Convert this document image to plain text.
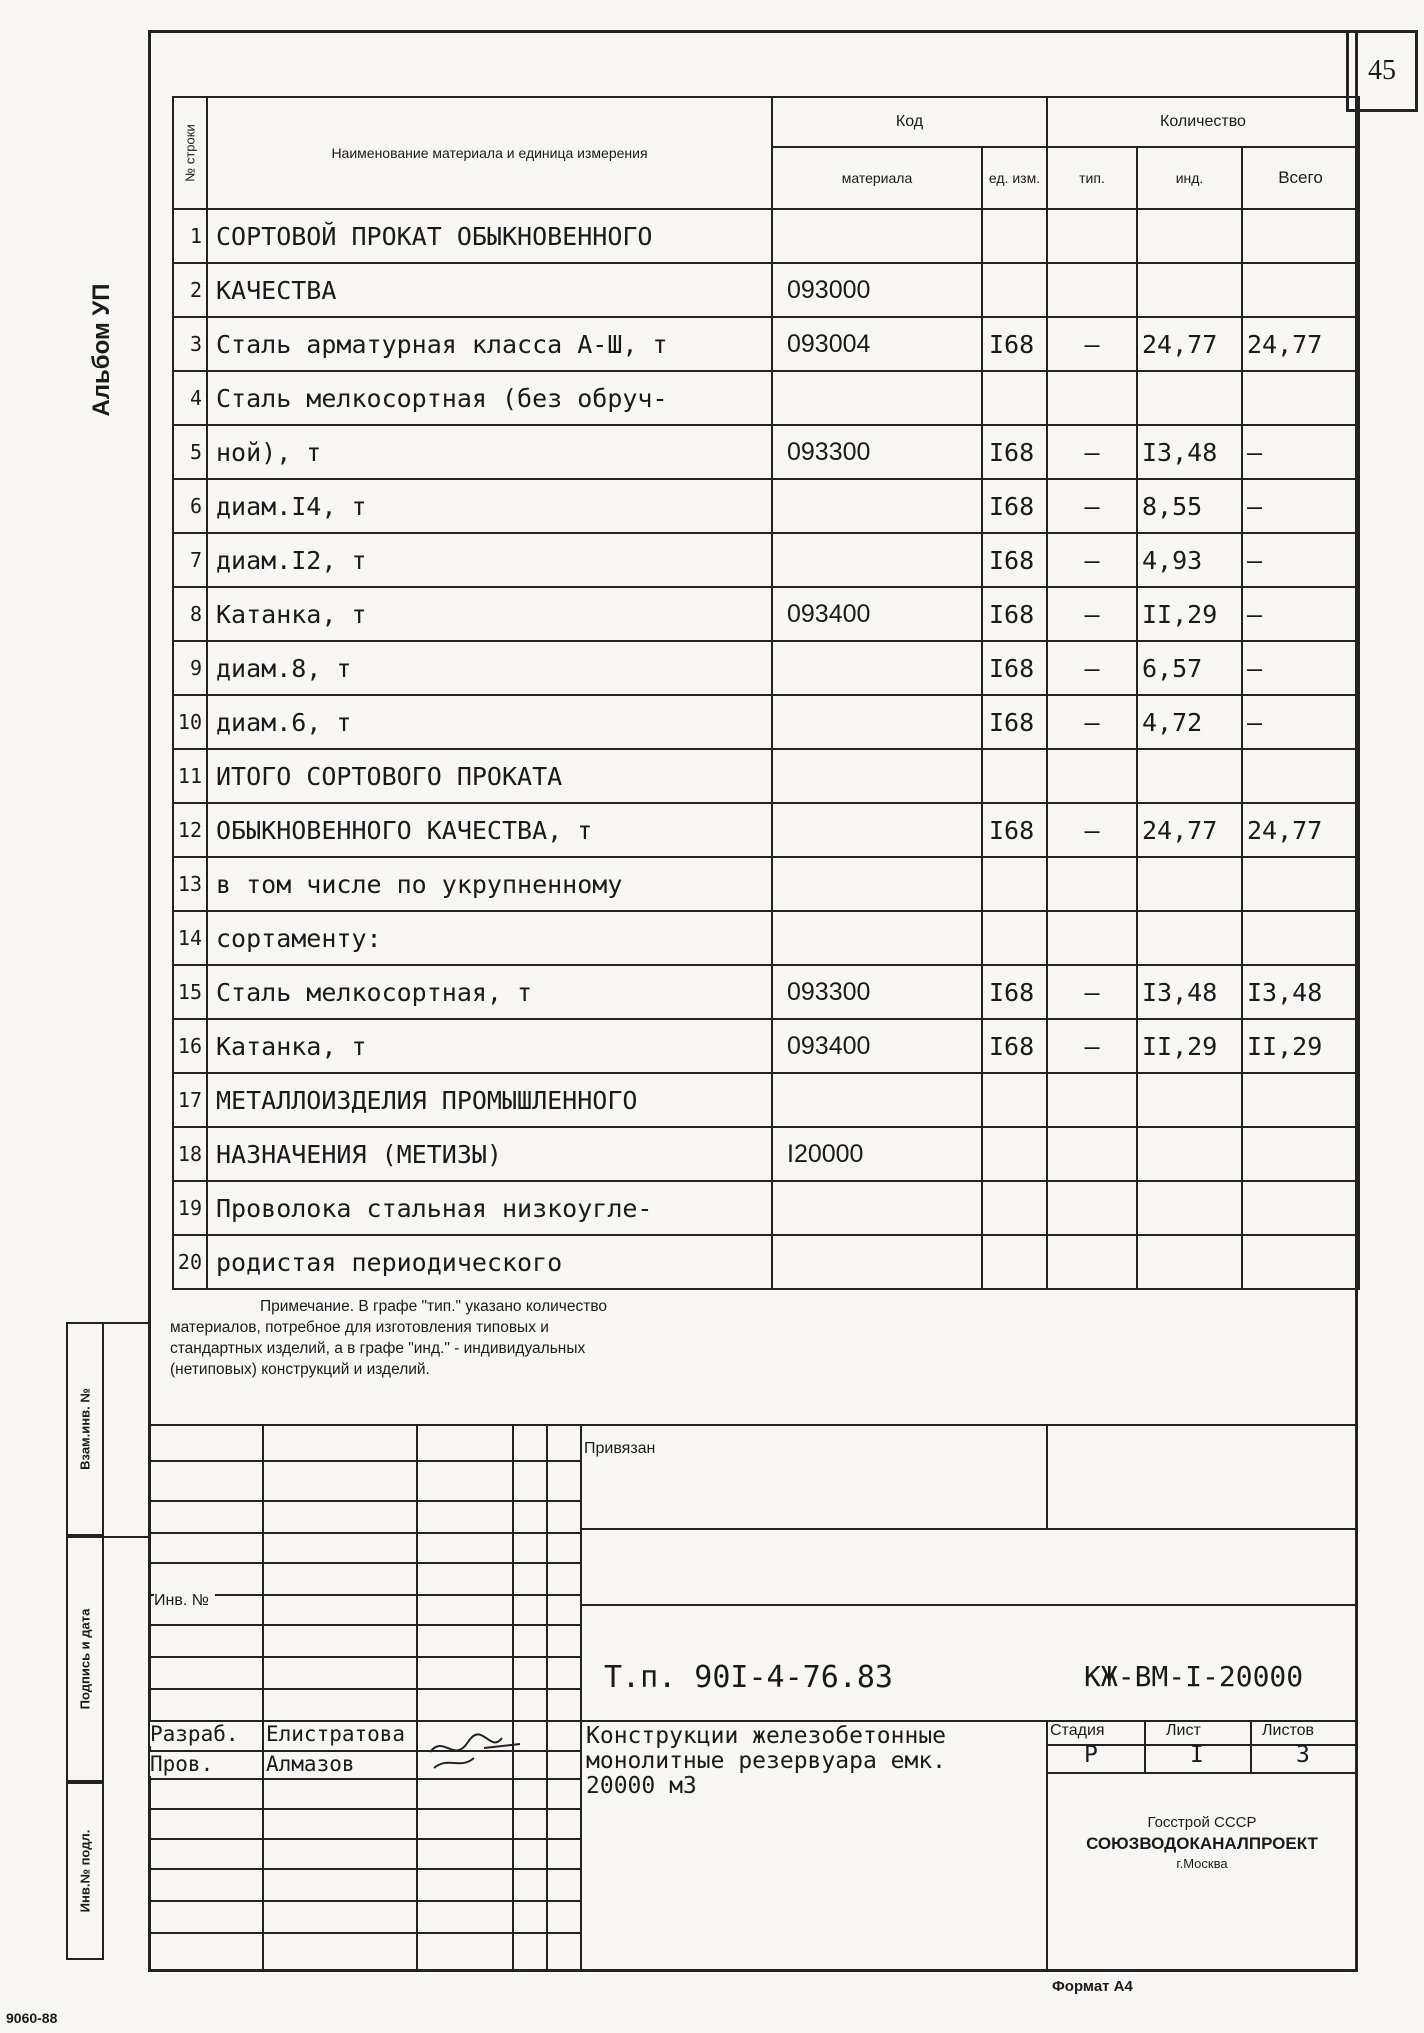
45
Альбом УП
№ строки	Наименование материала и единица измерения	Код		Количество		
		материала	ед. изм.	тип.	инд.	Всего
1	СОРТОВОЙ ПРОКАТ ОБЫКНОВЕННОГО					
2	КАЧЕСТВА	093000				
3	Сталь арматурная класса А-Ш, т	093004	I68	–	24,77	24,77
4	Сталь мелкосортная (без обруч-					
5	ной), т	093300	I68	–	I3,48	–
6	диам.I4, т		I68	–	8,55	–
7	диам.I2, т		I68	–	4,93	–
8	Катанка, т	093400	I68	–	II,29	–
9	диам.8, т		I68	–	6,57	–
10	диам.6, т		I68	–	4,72	–
11	ИТОГО СОРТОВОГО ПРОКАТА					
12	ОБЫКНОВЕННОГО КАЧЕСТВА, т		I68	–	24,77	24,77
13	в том числе по укрупненному					
14	сортаменту:					
15	Сталь мелкосортная, т	093300	I68	–	I3,48	I3,48
16	Катанка, т	093400	I68	–	II,29	II,29
17	МЕТАЛЛОИЗДЕЛИЯ ПРОМЫШЛЕННОГО					
18	НАЗНАЧЕНИЯ (МЕТИЗЫ)	I20000				
19	Проволока стальная низкоугле-					
20	родистая периодического					

Примечание. В графе "тип." указано количество

материалов, потребное для изготовления типовых и

стандартных изделий, а в графе "инд." - индивидуальных

(нетиповых) конструкций и изделий.

Взам.инв. №
Подпись и дата
Инв.№ подл.
Привязан
Инв. №
Т.п. 90I-4-76.83	КЖ-ВМ-I-20000
Конструкции железобетонные
монолитные резервуара емк.
20000 м3
Разраб. Елистратова
Пров.	Алмазов
Стадия	Лист	Листов
Р	I	3
Госстрой СССР
СОЮЗВОДОКАНАЛПРОЕКТ
г.Москва
Формат А4
9060-88
